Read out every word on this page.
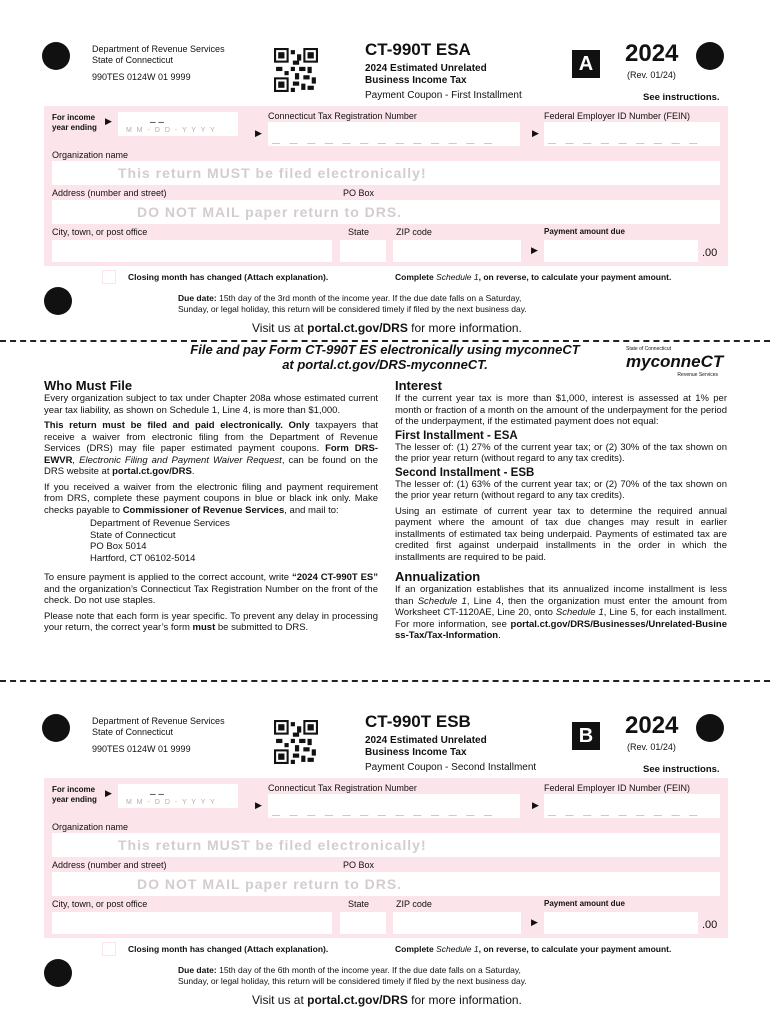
Department of Revenue Services
State of Connecticut
990TES 0124W 01 9999
CT-990T ESA
2024 Estimated Unrelated
Business Income Tax
Payment Coupon - First Installment
A 2024
(Rev. 01/24)
See instructions.
For income
year ending
▶	– –
M M - D D - Y Y Y Y
Connecticut Tax Registration Number
▶ _ _ _ _ _ _ _ _ _ _ _ _ _
Federal Employer ID Number (FEIN)
▶ _ _ _ _ _ _ _ _ _
Organization name
This return MUST be filed electronically!
Address (number and street)	PO Box
DO NOT MAIL paper return to DRS.
City, town, or post office	State	ZIP code	Payment amount due
▶	.00
Closing month has changed (Attach explanation).	Complete Schedule 1, on reverse, to calculate your payment amount.
Due date: 15th day of the 3rd month of the income year. If the due date falls on a Saturday,
Sunday, or legal holiday, this return will be considered timely if filed by the next business day.
Visit us at portal.ct.gov/DRS for more information.
File and pay Form CT-990T ES electronically using myconneCT
at portal.ct.gov/DRS-myconneCT.
State of Connecticut
myconneCT
Revenue Services
Who Must File

Every organization subject to tax under Chapter 208a whose estimated current year tax liability, as shown on Schedule 1, Line 4, is more than $1,000.

This return must be filed and paid electronically. Only taxpayers that receive a waiver from electronic filing from the Department of Revenue Services (DRS) may file paper estimated payment coupons. Form DRS-EWVR, Electronic Filing and Payment Waiver Request, can be found on the DRS website at portal.ct.gov/DRS.

If you received a waiver from the electronic filing and payment requirement from DRS, complete these payment coupons in blue or black ink only. Make checks payable to Commissioner of Revenue Services, and mail to:

Department of Revenue Services
State of Connecticut
PO Box 5014
Hartford, CT 06102-5014

To ensure payment is applied to the correct account, write “2024 CT-990T ES” and the organization’s Connecticut Tax Registration Number on the front of the check. Do not use staples.

Please note that each form is year specific. To prevent any delay in processing your return, the correct year’s form must be submitted to DRS.

Interest

If the current year tax is more than $1,000, interest is assessed at 1% per month or fraction of a month on the amount of the underpayment for the period of the underpayment, if the estimated payment does not equal:

First Installment - ESA

The lesser of: (1) 27% of the current year tax; or (2) 30% of the tax shown on the prior year return (without regard to any tax credits).

Second Installment - ESB

The lesser of: (1) 63% of the current year tax; or (2) 70% of the tax shown on the prior year return (without regard to any tax credits).

Using an estimate of current year tax to determine the required annual payment where the amount of tax due changes may result in earlier installments of estimated tax being underpaid. Payments of estimated tax are credited first against underpaid installments in the order in which the installments are required to be paid.

Annualization

If an organization establishes that its annualized income installment is less than Schedule 1, Line 4, then the organization must enter the amount from Worksheet CT-1120AE, Line 20, onto Schedule 1, Line 5, for each installment. For more information, see portal.ct.gov/DRS/Businesses/Unrelated-Business-Tax/Tax-Information.

Department of Revenue Services
State of Connecticut
990TES 0124W 01 9999
CT-990T ESB
2024 Estimated Unrelated
Business Income Tax
Payment Coupon - Second Installment
B 2024
(Rev. 01/24)
See instructions.
For income
year ending
▶	– –
M M - D D - Y Y Y Y
Connecticut Tax Registration Number
▶ _ _ _ _ _ _ _ _ _ _ _ _ _
Federal Employer ID Number (FEIN)
▶ _ _ _ _ _ _ _ _ _
Organization name
This return MUST be filed electronically!
Address (number and street)	PO Box
DO NOT MAIL paper return to DRS.
City, town, or post office	State	ZIP code	Payment amount due
▶	.00
Closing month has changed (Attach explanation).	Complete Schedule 1, on reverse, to calculate your payment amount.
Due date: 15th day of the 6th month of the income year. If the due date falls on a Saturday,
Sunday, or legal holiday, this return will be considered timely if filed by the next business day.
Visit us at portal.ct.gov/DRS for more information.
